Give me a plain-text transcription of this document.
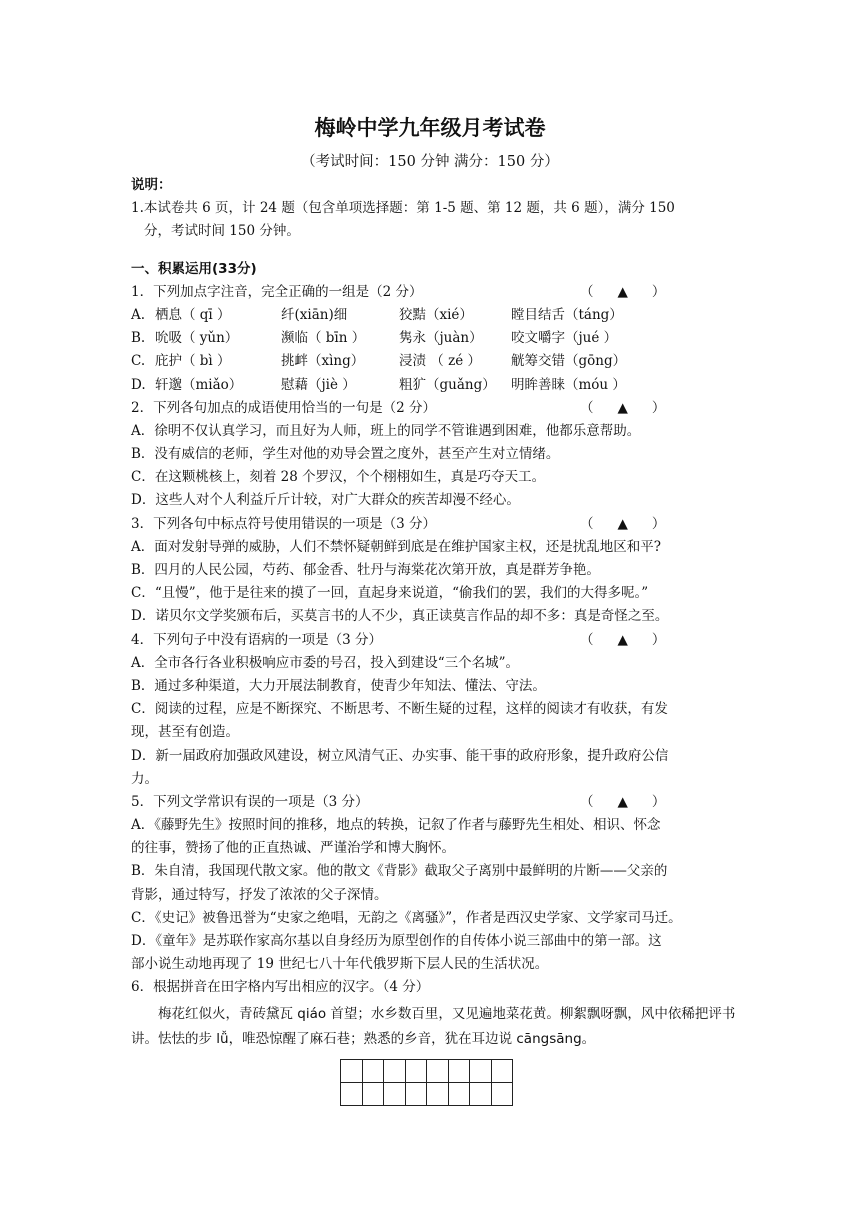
梅岭中学九年级月考试卷
（考试时间：150 分钟 满分：150 分）
说明：
1.本试卷共 6 页，计 24 题（包含单项选择题：第 1-5 题、第 12 题，共 6 题），满分 150
分，考试时间 150 分钟。
一、积累运用(33分)
1．下列加点字注音，完全正确的一组是（2 分）	（ ▲ ）
A. 栖息（ qī ）	纤(xiān)细	狡黠（xié）	瞠目结舌（táng）
B. 吮吸（ yǔn）	濒临（ bīn ）	隽永（juàn） 咬文嚼字（jué ）
C. 庇护（ bì ）	挑衅（xìng）	浸渍 （ zé ） 觥筹交错（gōng）
D. 轩邈（miǎo）	慰藉（jiè ）	粗犷（guǎng） 明眸善睐（móu ）
2．下列各句加点的成语使用恰当的一句是（2 分）	（ ▲ ）
A．徐明不仅认真学习，而且好为人师，班上的同学不管谁遇到困难，他都乐意帮助。
B．没有威信的老师，学生对他的劝导会置之度外，甚至产生对立情绪。
C．在这颗桃核上，刻着 28 个罗汉，个个栩栩如生，真是巧夺天工。
D．这些人对个人利益斤斤计较，对广大群众的疾苦却漫不经心。
3．下列各句中标点符号使用错误的一项是（3 分）	（ ▲ ）
A．面对发射导弹的威胁，人们不禁怀疑朝鲜到底是在维护国家主权，还是扰乱地区和平?
B．四月的人民公园，芍药、郁金香、牡丹与海棠花次第开放，真是群芳争艳。
C．“且慢”，他于是往来的摸了一回，直起身来说道，“偷我们的罢，我们的大得多呢。”
D．诺贝尔文学奖颁布后，买莫言书的人不少，真正读莫言作品的却不多：真是奇怪之至。
4．下列句子中没有语病的一项是（3 分）	（ ▲ ）
A．全市各行各业积极响应市委的号召，投入到建设“三个名城”。
B．通过多种渠道，大力开展法制教育，使青少年知法、懂法、守法。
C．阅读的过程，应是不断探究、不断思考、不断生疑的过程，这样的阅读才有收获，有发
现，甚至有创造。
D．新一届政府加强政风建设，树立风清气正、办实事、能干事的政府形象，提升政府公信
力。
5．下列文学常识有误的一项是（3 分）	（ ▲ ）
A．《藤野先生》按照时间的推移，地点的转换，记叙了作者与藤野先生相处、相识、怀念
的往事，赞扬了他的正直热诚、严谨治学和博大胸怀。
B．朱自清，我国现代散文家。他的散文《背影》截取父子离别中最鲜明的片断——父亲的
背影，通过特写，抒发了浓浓的父子深情。
C．《史记》被鲁迅誉为“史家之绝唱，无韵之《离骚》”，作者是西汉史学家、文学家司马迁。
D．《童年》是苏联作家高尔基以自身经历为原型创作的自传体小说三部曲中的第一部。这
部小说生动地再现了 19 世纪七八十年代俄罗斯下层人民的生活状况。
6．根据拼音在田字格内写出相应的汉字。（4 分）
梅花红似火，青砖黛瓦 qiáo 首望；水乡数百里，又见遍地菜花黄。柳絮飘呀飘，风中依稀把评书讲。怯怯的步 lǚ，唯恐惊醒了麻石巷；熟悉的乡音，犹在耳边说 cāngsāng。
